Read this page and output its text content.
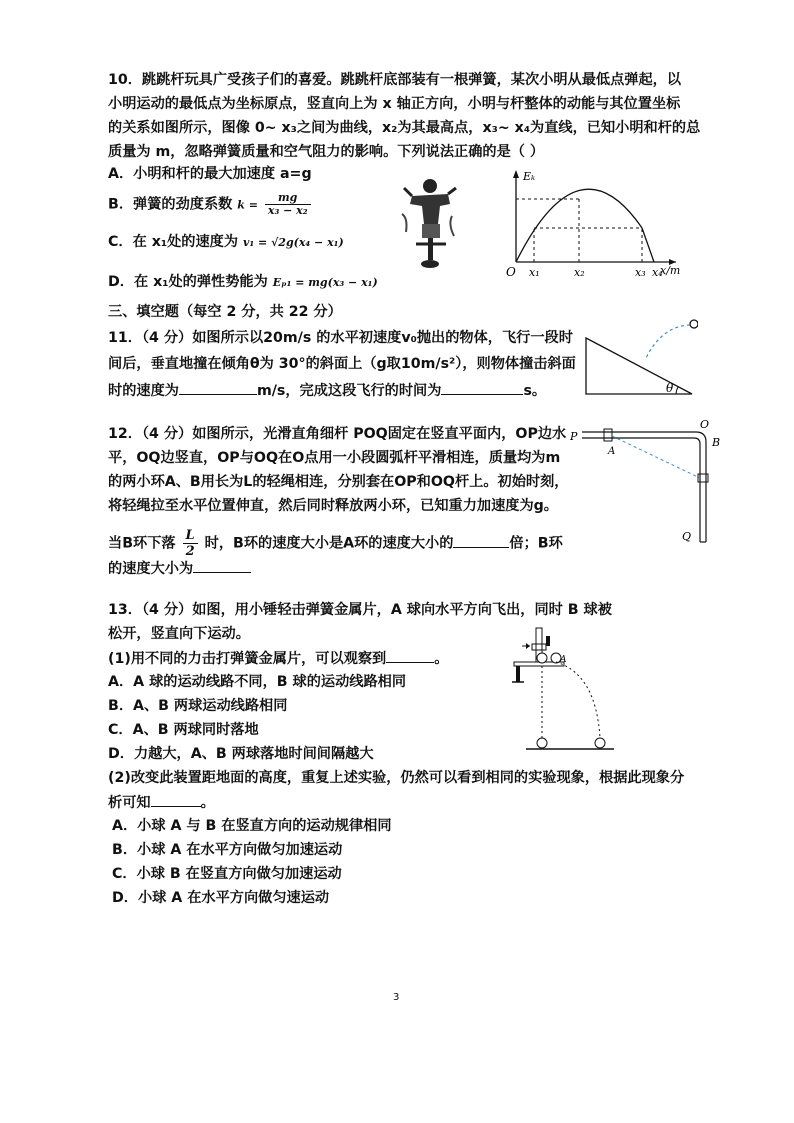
10．跳跳杆玩具广受孩子们的喜爱。跳跳杆底部装有一根弹簧，某次小明从最低点弹起，以
小明运动的最低点为坐标原点，竖直向上为 x 轴正方向，小明与杆整体的动能与其位置坐标
的关系如图所示，图像 0~ x₃之间为曲线，x₂为其最高点，x₃~ x₄为直线，已知小明和杆的总
质量为 m，忽略弹簧质量和空气阻力的影响。下列说法正确的是（ ）
A．小明和杆的最大加速度 a=g
B．弹簧的劲度系数 $k = \frac{mg}{\text{x₃ − x₂}}$
C．在 x₁处的速度为 v₁ = √2g(x₄ − x₁)
D．在 x₁处的弹性势能为 Eₚ₁ = mg(x₃ − x₁)
Eₖ
O x₁	x₂	x₃ x₄
x/m
三、填空题（每空 2 分，共 22 分）
11．（4 分）如图所示以20m/s 的水平初速度v₀抛出的物体，飞行一段时
间后，垂直地撞在倾角θ为 30°的斜面上（g取10m/s²），则物体撞击斜面
时的速度为	m/s，完成这段飞行的时间为	s。	θ
12．（4 分）如图所示，光滑直角细杆 POQ固定在竖直平面内，OP边水
平，OQ边竖直，OP与OQ在O点用一小段圆弧杆平滑相连，质量均为m
的两小环A、B用长为L的轻绳相连，分别套在OP和OQ杆上。初始时刻，
将轻绳拉至水平位置伸直，然后同时释放两小环，已知重力加速度为g。
当B环下落 $\frac{L}{2}$ 时，B环的速度大小是A环的速度大小的	倍；B环
的速度大小为
P
A
O
B
Q
13．（4 分）如图，用小锤轻击弹簧金属片，A 球向水平方向飞出，同时 B 球被
松开，竖直向下运动。
(1)用不同的力击打弹簧金属片，可以观察到	。
A．A 球的运动线路不同，B 球的运动线路相同
B．A、B 两球运动线路相同
C．A、B 两球同时落地
D．力越大，A、B 两球落地时间间隔越大
(2)改变此装置距地面的高度，重复上述实验，仍然可以看到相同的实验现象，根据此现象分
析可知	。
A．小球 A 与 B 在竖直方向的运动规律相同
B．小球 A 在水平方向做匀加速运动
C．小球 B 在竖直方向做匀加速运动
D．小球 A 在水平方向做匀速运动
A
3
